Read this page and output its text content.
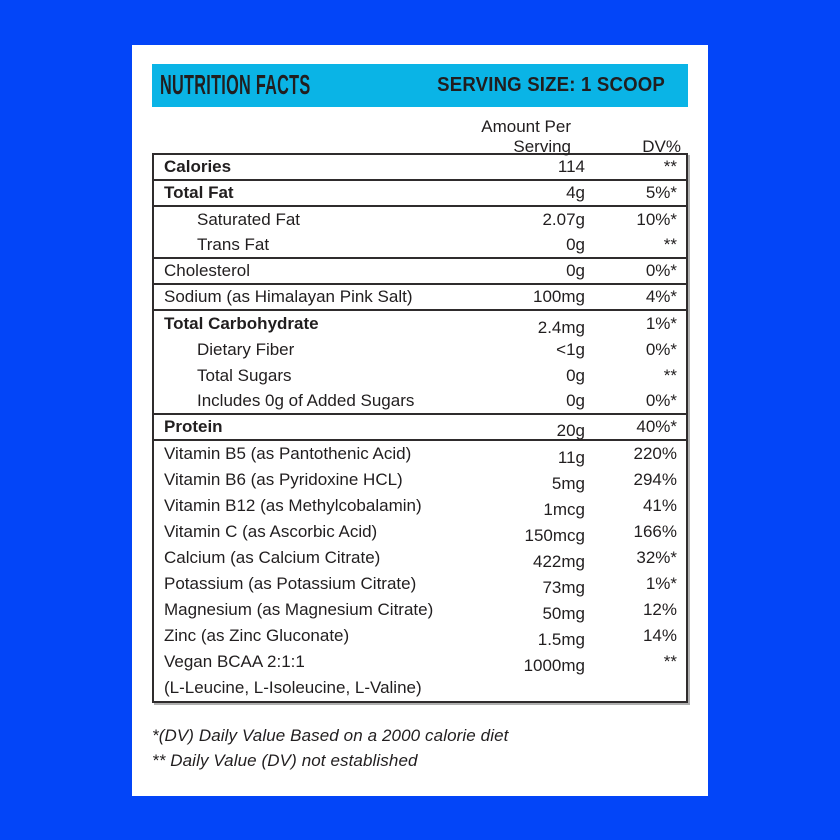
NUTRITION FACTS	SERVING SIZE: 1 SCOOP
Amount Per Serving	DV%
Calories	114	**
Total Fat	4g	5%*
Saturated Fat	2.07g	10%*
Trans Fat	0g	**
Cholesterol	0g	0%*
Sodium (as Himalayan Pink Salt)	100mg	4%*
Total Carbohydrate	2.4mg	1%*
Dietary Fiber	<1g	0%*
Total Sugars	0g	**
Includes 0g of Added Sugars	0g	0%*
Protein	20g	40%*
Vitamin B5 (as Pantothenic Acid)	11g	220%
Vitamin B6 (as Pyridoxine HCL)	5mg	294%
Vitamin B12 (as Methylcobalamin)	1mcg	41%
Vitamin C (as Ascorbic Acid)	150mcg	166%
Calcium (as Calcium Citrate)	422mg	32%*
Potassium (as Potassium Citrate)	73mg	1%*
Magnesium (as Magnesium Citrate)	50mg	12%
Zinc (as Zinc Gluconate)	1.5mg	14%
Vegan BCAA 2:1:1	1000mg	**
(L-Leucine, L-Isoleucine, L-Valine)
*(DV) Daily Value Based on a 2000 calorie diet
** Daily Value (DV) not established
